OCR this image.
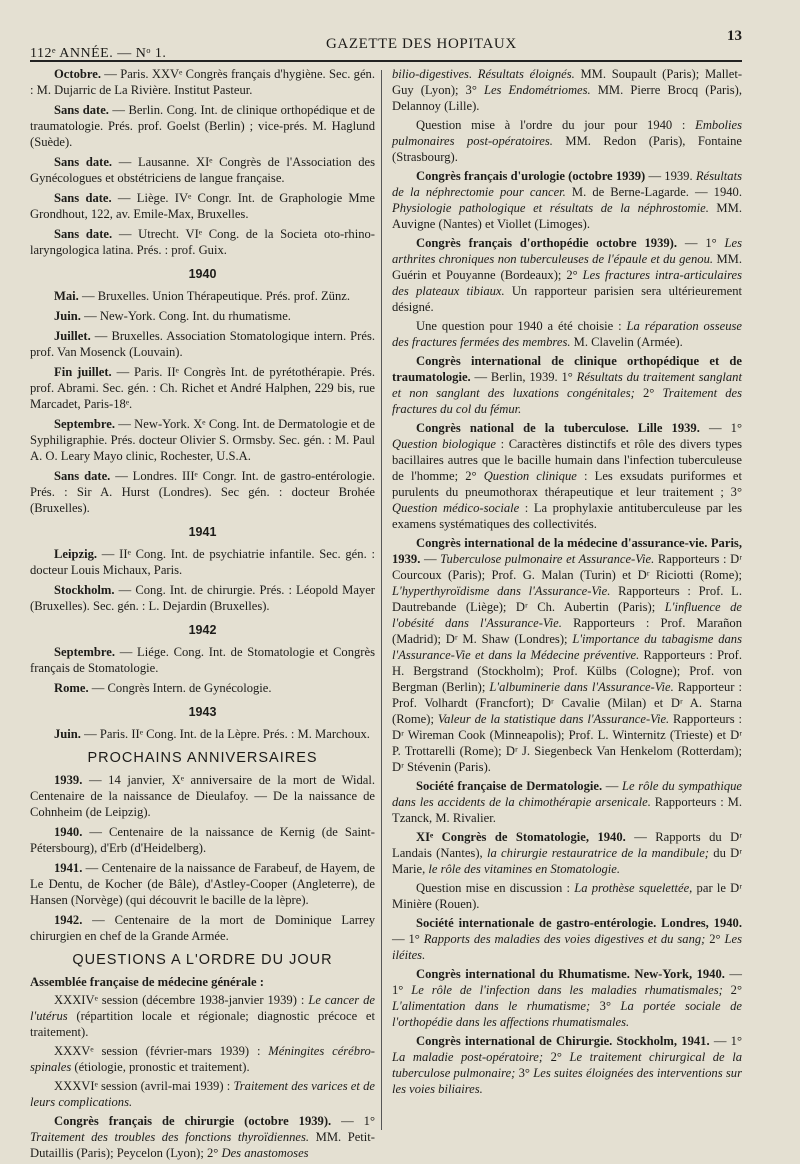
112ᵉ ANNÉE. — Nᵒ 1.
GAZETTE DES HOPITAUX	13

Octobre. — Paris. XXVᵉ Congrès français d'hygiène. Sec. gén. : M. Dujarric de La Rivière. Institut Pasteur.

Sans date. — Berlin. Cong. Int. de clinique orthopédique et de traumatologie. Prés. prof. Goelst (Berlin) ; vice-prés. M. Haglund (Suède).

Sans date. — Lausanne. XIᵉ Congrès de l'Association des Gynécologues et obstétriciens de langue française.

Sans date. — Liège. IVᵉ Congr. Int. de Graphologie Mme Grondhout, 122, av. Emile-Max, Bruxelles.

Sans date. — Utrecht. VIᵉ Cong. de la Societa oto-rhino-laryngologica latina. Prés. : prof. Guix.

1940

Mai. — Bruxelles. Union Thérapeutique. Prés. prof. Zünz.

Juin. — New-York. Cong. Int. du rhumatisme.

Juillet. — Bruxelles. Association Stomatologique intern. Prés. prof. Van Mosenck (Louvain).

Fin juillet. — Paris. IIᵉ Congrès Int. de pyrétothérapie. Prés. prof. Abrami. Sec. gén. : Ch. Richet et André Halphen, 229 bis, rue Marcadet, Paris-18ᵉ.

Septembre. — New-York. Xᵉ Cong. Int. de Dermatologie et de Syphiligraphie. Prés. docteur Olivier S. Ormsby. Sec. gén. : M. Paul A. O. Leary Mayo clinic, Rochester, U.S.A.

Sans date. — Londres. IIIᵉ Congr. Int. de gastro-entérologie. Prés. : Sir A. Hurst (Londres). Sec gén. : docteur Brohée (Bruxelles).

1941

Leipzig. — IIᵉ Cong. Int. de psychiatrie infantile. Sec. gén. : docteur Louis Michaux, Paris.

Stockholm. — Cong. Int. de chirurgie. Prés. : Léopold Mayer (Bruxelles). Sec. gén. : L. Dejardin (Bruxelles).

1942

Septembre. — Liége. Cong. Int. de Stomatologie et Congrès français de Stomatologie.

Rome. — Congrès Intern. de Gynécologie.

1943

Juin. — Paris. IIᵉ Cong. Int. de la Lèpre. Prés. : M. Marchoux.

PROCHAINS ANNIVERSAIRES

1939. — 14 janvier, Xᵉ anniversaire de la mort de Widal. Centenaire de la naissance de Dieulafoy. — De la naissance de Cohnheim (de Leipzig).

1940. — Centenaire de la naissance de Kernig (de Saint-Pétersbourg), d'Erb (d'Heidelberg).

1941. — Centenaire de la naissance de Farabeuf, de Hayem, de Le Dentu, de Kocher (de Bâle), d'Astley-Cooper (Angleterre), de Hansen (Norvège) (qui découvrit le bacille de la lèpre).

1942. — Centenaire de la mort de Dominique Larrey chirurgien en chef de la Grande Armée.

QUESTIONS A L'ORDRE DU JOUR
Assemblée française de médecine générale :

XXXIVᵉ session (décembre 1938-janvier 1939) : Le cancer de l'utérus (répartition locale et régionale; diagnostic précoce et traitement).

XXXVᵉ session (février-mars 1939) : Méningites cérébro-spinales (étiologie, pronostic et traitement).

XXXVIᵉ session (avril-mai 1939) : Traitement des varices et de leurs complications.

Congrès français de chirurgie (octobre 1939). — 1° Traitement des troubles des fonctions thyroïdiennes. MM. Petit-Dutaillis (Paris); Peycelon (Lyon); 2° Des anastomoses

bilio-digestives. Résultats éloignés. MM. Soupault (Paris); Mallet-Guy (Lyon); 3° Les Endométriomes. MM. Pierre Brocq (Paris), Delannoy (Lille).

Question mise à l'ordre du jour pour 1940 : Embolies pulmonaires post-opératoires. MM. Redon (Paris), Fontaine (Strasbourg).

Congrès français d'urologie (octobre 1939) — 1939. Résultats de la néphrectomie pour cancer. M. de Berne-Lagarde. — 1940. Physiologie pathologique et résultats de la néphrostomie. MM. Auvigne (Nantes) et Viollet (Limoges).

Congrès français d'orthopédie octobre 1939). — 1° Les arthrites chroniques non tuberculeuses de l'épaule et du genou. MM. Guérin et Pouyanne (Bordeaux); 2° Les fractures intra-articulaires des plateaux tibiaux. Un rapporteur parisien sera ultérieurement désigné.

Une question pour 1940 a été choisie : La réparation osseuse des fractures fermées des membres. M. Clavelin (Armée).

Congrès international de clinique orthopédique et de traumatologie. — Berlin, 1939. 1° Résultats du traitement sanglant et non sanglant des luxations congénitales; 2° Traitement des fractures du col du fémur.

Congrès national de la tuberculose. Lille 1939. — 1° Question biologique : Caractères distinctifs et rôle des divers types bacillaires autres que le bacille humain dans l'infection tuberculeuse de l'homme; 2° Question clinique : Les exsudats puriformes et purulents du pneumothorax thérapeutique et leur traitement ; 3° Question médico-sociale : La prophylaxie antituberculeuse par les examens systématiques des collectivités.

Congrès international de la médecine d'assurance-vie. Paris, 1939. — Tuberculose pulmonaire et Assurance-Vie. Rapporteurs : Dʳ Courcoux (Paris); Prof. G. Malan (Turin) et Dʳ Riciotti (Rome); L'hyperthyroïdisme dans l'Assurance-Vie. Rapporteurs : Prof. L. Dautrebande (Liège); Dʳ Ch. Aubertin (Paris); L'influence de l'obésité dans l'Assurance-Vie. Rapporteurs : Prof. Marañon (Madrid); Dʳ M. Shaw (Londres); L'importance du tabagisme dans l'Assurance-Vie et dans la Médecine préventive. Rapporteurs : Prof. H. Bergstrand (Stockholm); Prof. Külbs (Cologne); Prof. von Bergman (Berlin); L'albuminerie dans l'Assurance-Vie. Rapporteur : Prof. Volhardt (Francfort); Dʳ Cavalie (Milan) et Dʳ A. Starna (Rome); Valeur de la statistique dans l'Assurance-Vie. Rapporteurs : Dʳ Wireman Cook (Minneapolis); Prof. L. Winternitz (Trieste) et Dʳ P. Trottarelli (Rome); Dʳ J. Siegenbeck Van Henkelom (Rotterdam); Dʳ Stévenin (Paris).

Société française de Dermatologie. — Le rôle du sympathique dans les accidents de la chimothérapie arsenicale. Rapporteurs : M. Tzanck, M. Rivalier.

XIᵉ Congrès de Stomatologie, 1940. — Rapports du Dʳ Landais (Nantes), la chirurgie restauratrice de la mandibule; du Dʳ Marie, le rôle des vitamines en Stomatologie.

Question mise en discussion : La prothèse squelettée, par le Dʳ Minière (Rouen).

Société internationale de gastro-entérologie. Londres, 1940. — 1° Rapports des maladies des voies digestives et du sang; 2° Les iléites.

Congrès international du Rhumatisme. New-York, 1940. — 1° Le rôle de l'infection dans les maladies rhumatismales; 2° L'alimentation dans le rhumatisme; 3° La portée sociale de l'orthopédie dans les affections rhumatismales.

Congrès international de Chirurgie. Stockholm, 1941. — 1° La maladie post-opératoire; 2° Le traitement chirurgical de la tuberculose pulmonaire; 3° Les suites éloignées des interventions sur les voies biliaires.
